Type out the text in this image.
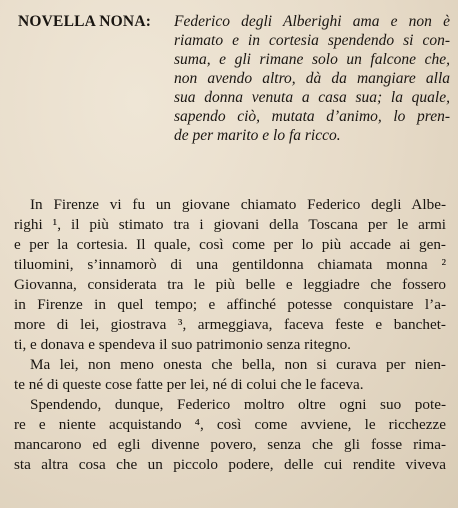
NOVELLA NONA: Federico degli Alberighi ama e non è
riamato e in cortesia spendendo si con-
suma, e gli rimane solo un falcone che,
non avendo altro, dà da mangiare alla
sua donna venuta a casa sua; la quale,
sapendo ciò, mutata d’animo, lo pren-
de per marito e lo fa ricco.
In Firenze vi fu un giovane chiamato Federico degli Albe-
righi ¹, il più stimato tra i giovani della Toscana per le armi
e per la cortesia. Il quale, così come per lo più accade ai gen-
tiluomini, s’innamorò di una gentildonna chiamata monna ²
Giovanna, considerata tra le più belle e leggiadre che fossero
in Firenze in quel tempo; e affinché potesse conquistare l’a-
more di lei, giostrava ³, armeggiava, faceva feste e banchet-
ti, e donava e spendeva il suo patrimonio senza ritegno.
Ma lei, non meno onesta che bella, non si curava per nien-
te né di queste cose fatte per lei, né di colui che le faceva.
Spendendo, dunque, Federico moltro oltre ogni suo pote-
re e niente acquistando ⁴, così come avviene, le ricchezze
mancarono ed egli divenne povero, senza che gli fosse rima-
sta altra cosa che un piccolo podere, delle cui rendite viveva
